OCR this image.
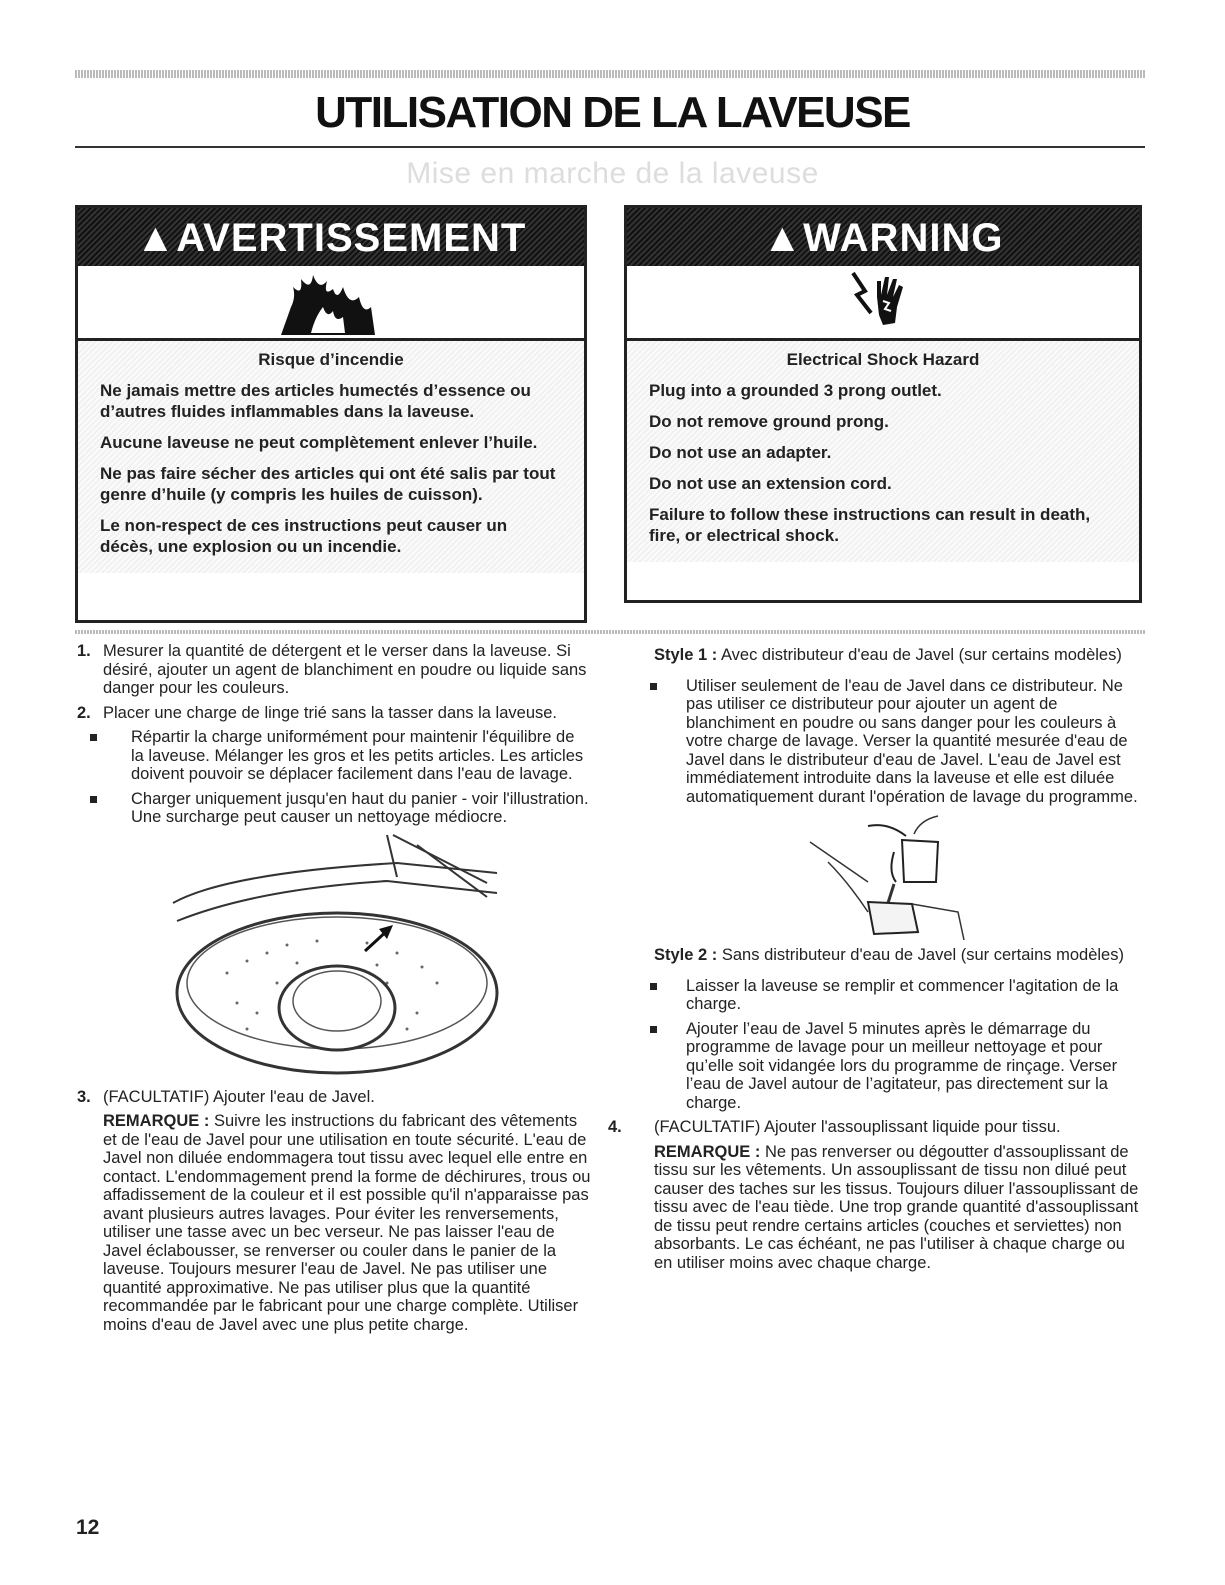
UTILISATION DE LA LAVEUSE
Mise en marche de la laveuse
▲AVERTISSEMENT

Risque d’incendie

Ne jamais mettre des articles humectés d’essence ou d’autres fluides inflammables dans la laveuse.

Aucune laveuse ne peut complètement enlever l’huile.

Ne pas faire sécher des articles qui ont été salis par tout genre d’huile (y compris les huiles de cuisson).

Le non-respect de ces instructions peut causer un décès, une explosion ou un incendie.

▲WARNING

Electrical Shock Hazard

Plug into a grounded 3 prong outlet.

Do not remove ground prong.

Do not use an adapter.

Do not use an extension cord.

Failure to follow these instructions can result in death, fire, or electrical shock.

1. Mesurer la quantité de détergent et le verser dans la laveuse. Si désiré, ajouter un agent de blanchiment en poudre ou liquide sans danger pour les couleurs.
2. Placer une charge de linge trié sans la tasser dans la laveuse.
Répartir la charge uniformément pour maintenir l'équilibre de la laveuse. Mélanger les gros et les petits articles. Les articles doivent pouvoir se déplacer facilement dans l'eau de lavage.
Charger uniquement jusqu'en haut du panier - voir l'illustration. Une surcharge peut causer un nettoyage médiocre.
3. (FACULTATIF) Ajouter l'eau de Javel.
REMARQUE : Suivre les instructions du fabricant des vêtements et de l'eau de Javel pour une utilisation en toute sécurité. L'eau de Javel non diluée endommagera tout tissu avec lequel elle entre en contact. L'endommagement prend la forme de déchirures, trous ou affadissement de la couleur et il est possible qu'il n'apparaisse pas avant plusieurs autres lavages. Pour éviter les renversements, utiliser une tasse avec un bec verseur. Ne pas laisser l'eau de Javel éclabousser, se renverser ou couler dans le panier de la laveuse. Toujours mesurer l'eau de Javel. Ne pas utiliser une quantité approximative. Ne pas utiliser plus que la quantité recommandée par le fabricant pour une charge complète. Utiliser moins d'eau de Javel avec une plus petite charge.
Style 1 : Avec distributeur d'eau de Javel (sur certains modèles)
Utiliser seulement de l'eau de Javel dans ce distributeur. Ne pas utiliser ce distributeur pour ajouter un agent de blanchiment en poudre ou sans danger pour les couleurs à votre charge de lavage. Verser la quantité mesurée d'eau de Javel dans le distributeur d'eau de Javel. L'eau de Javel est immédiatement introduite dans la laveuse et elle est diluée automatiquement durant l'opération de lavage du programme.
Style 2 : Sans distributeur d'eau de Javel (sur certains modèles)
Laisser la laveuse se remplir et commencer l'agitation de la charge.
Ajouter l’eau de Javel 5 minutes après le démarrage du programme de lavage pour un meilleur nettoyage et pour qu’elle soit vidangée lors du programme de rinçage. Verser l’eau de Javel autour de l’agitateur, pas directement sur la charge.
4. (FACULTATIF) Ajouter l'assouplissant liquide pour tissu.
REMARQUE : Ne pas renverser ou dégoutter d'assouplissant de tissu sur les vêtements. Un assouplissant de tissu non dilué peut causer des taches sur les tissus. Toujours diluer l'assouplissant de tissu avec de l'eau tiède. Une trop grande quantité d'assouplissant de tissu peut rendre certains articles (couches et serviettes) non absorbants. Le cas échéant, ne pas l'utiliser à chaque charge ou en utiliser moins avec chaque charge.
12
